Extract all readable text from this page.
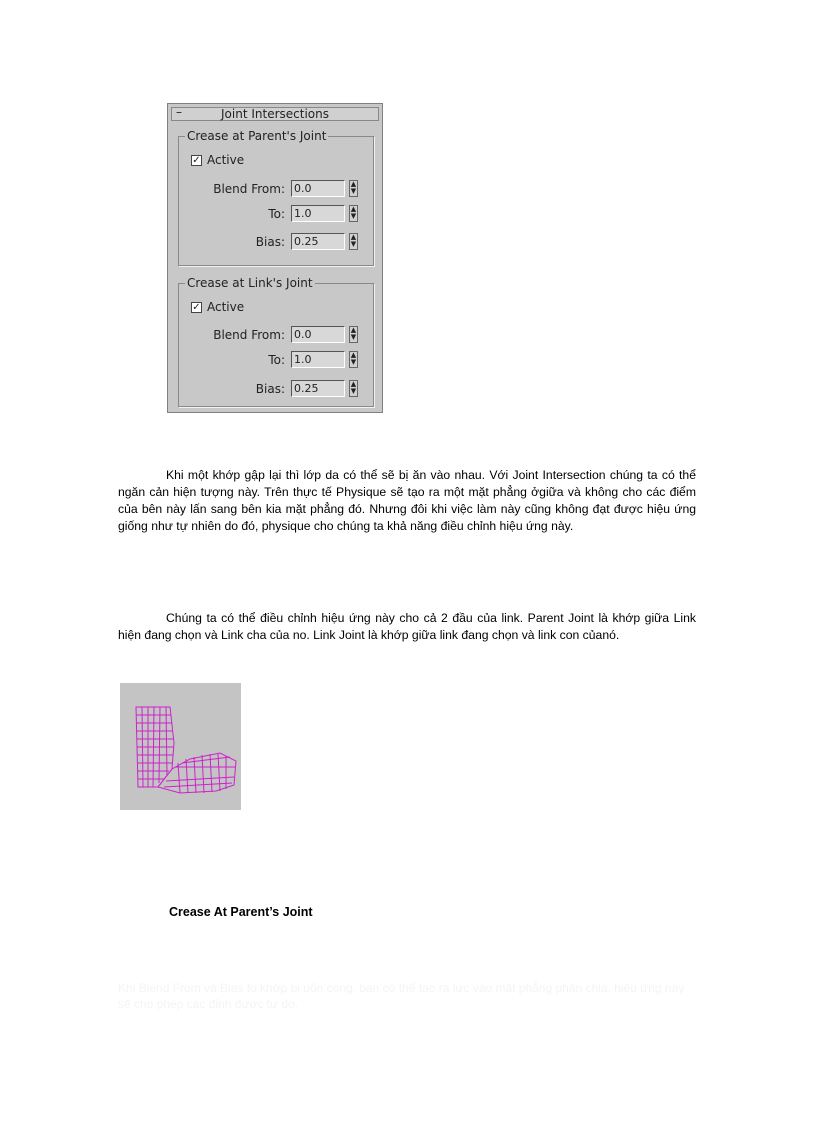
–	Joint Intersections
Crease at Parent's Joint
✓ Active
Blend From: 0.0	▲
▼
To: 1.0	▲
▼
Bias: 0.25	▲
▼
Crease at Link's Joint
✓ Active
Blend From: 0.0	▲
▼
To: 1.0	▲
▼
Bias: 0.25	▲
▼

Khi một khớp gập lại thì lớp da có thể sẽ bị ăn vào nhau. Với Joint Intersection chúng ta có thể ngăn cản hiện tượng này. Trên thực tế Physique sẽ tạo ra một mặt phẳng ởgiữa và không cho các điểm của bên này lấn sang bên kia mặt phẳng đó. Nhưng đôi khi việc làm này cũng không đạt được hiệu ứng giống như tự nhiên do đó, physique cho chúng ta khả năng điều chỉnh hiệu ứng này.

Chúng ta có thể điều chỉnh hiệu ứng này cho cả 2 đầu của link. Parent Joint là khớp giữa Link hiện đang chọn và Link cha của no. Link Joint là khớp giữa link đang chọn và link con củanó.

Crease At Parent’s Joint

Khi Blend From và Bias to khớp bị uốn cong, bạn có thể tạo ra lực vào mặt phẳng phân chia, hiệu ứng này sẽ cho phép các đỉnh được tự do.
